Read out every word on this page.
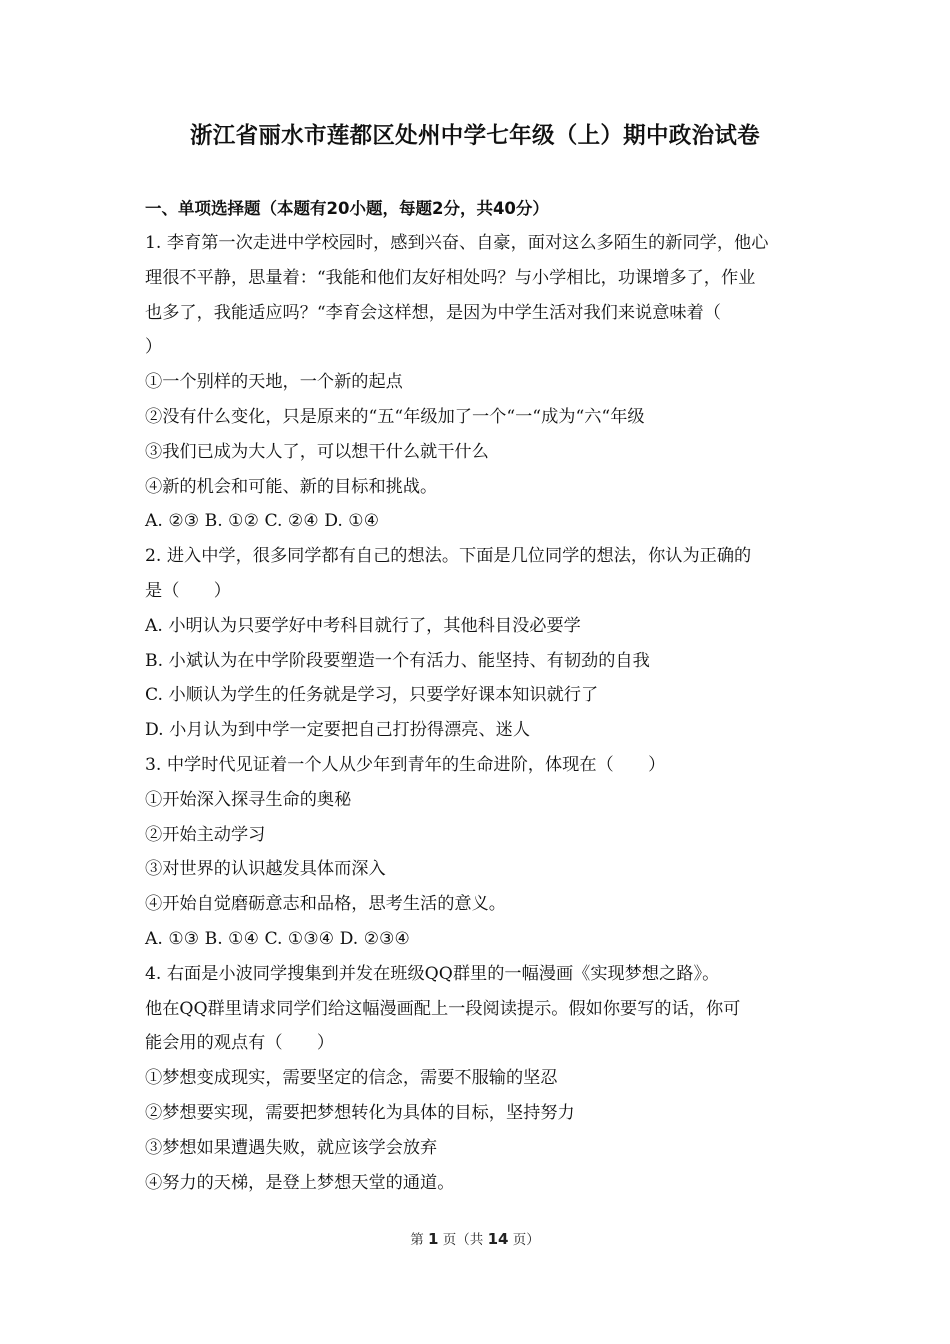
浙江省丽水市莲都区处州中学七年级（上）期中政治试卷
一、单项选择题（本题有20小题，每题2分，共40分）
1. 李育第一次走进中学校园时，感到兴奋、自豪，面对这么多陌生的新同学，他心
理很不平静，思量着：“我能和他们友好相处吗？与小学相比，功课增多了，作业
也多了，我能适应吗？“李育会这样想，是因为中学生活对我们来说意味着（
）
①一个别样的天地，一个新的起点
②没有什么变化，只是原来的“五“年级加了一个“一“成为“六“年级
③我们已成为大人了，可以想干什么就干什么
④新的机会和可能、新的目标和挑战。
A. ②③ B. ①② C. ②④ D. ①④
2. 进入中学，很多同学都有自己的想法。下面是几位同学的想法，你认为正确的
是（　　）
A. 小明认为只要学好中考科目就行了，其他科目没必要学
B. 小斌认为在中学阶段要塑造一个有活力、能坚持、有韧劲的自我
C. 小顺认为学生的任务就是学习，只要学好课本知识就行了
D. 小月认为到中学一定要把自己打扮得漂亮、迷人
3. 中学时代见证着一个人从少年到青年的生命进阶，体现在（　　）
①开始深入探寻生命的奥秘
②开始主动学习
③对世界的认识越发具体而深入
④开始自觉磨砺意志和品格，思考生活的意义。
A. ①③ B. ①④ C. ①③④ D. ②③④
4. 右面是小波同学搜集到并发在班级QQ群里的一幅漫画《实现梦想之路》。
他在QQ群里请求同学们给这幅漫画配上一段阅读提示。假如你要写的话，你可
能会用的观点有（　　）
①梦想变成现实，需要坚定的信念，需要不服输的坚忍
②梦想要实现，需要把梦想转化为具体的目标，坚持努力
③梦想如果遭遇失败，就应该学会放弃
④努力的天梯，是登上梦想天堂的通道。
第 1 页（共 14 页）
